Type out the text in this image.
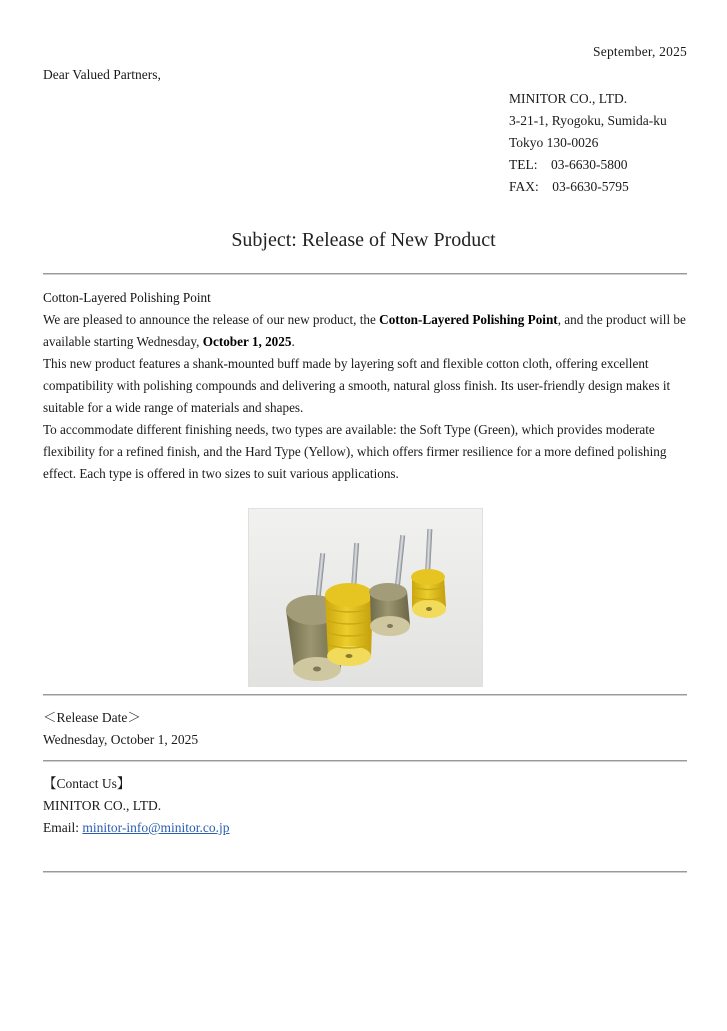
September, 2025
Dear Valued Partners,
MINITOR CO., LTD.
3-21-1, Ryogoku, Sumida-ku
Tokyo 130-0026
TEL:    03-6630-5800
FAX:    03-6630-5795
Subject: Release of New Product

Cotton-Layered Polishing Point

We are pleased to announce the release of our new product, the Cotton-Layered Polishing Point, and the product will be available starting Wednesday, October 1, 2025.

This new product features a shank-mounted buff made by layering soft and flexible cotton cloth, offering excellent compatibility with polishing compounds and delivering a smooth, natural gloss finish. Its user-friendly design makes it suitable for a wide range of materials and shapes.

To accommodate different finishing needs, two types are available: the Soft Type (Green), which provides moderate flexibility for a refined finish, and the Hard Type (Yellow), which offers firmer resilience for a more defined polishing effect. Each type is offered in two sizes to suit various applications.

＜Release Date＞
Wednesday, October 1, 2025
【Contact Us】
MINITOR CO., LTD.
Email: minitor-info@minitor.co.jp
